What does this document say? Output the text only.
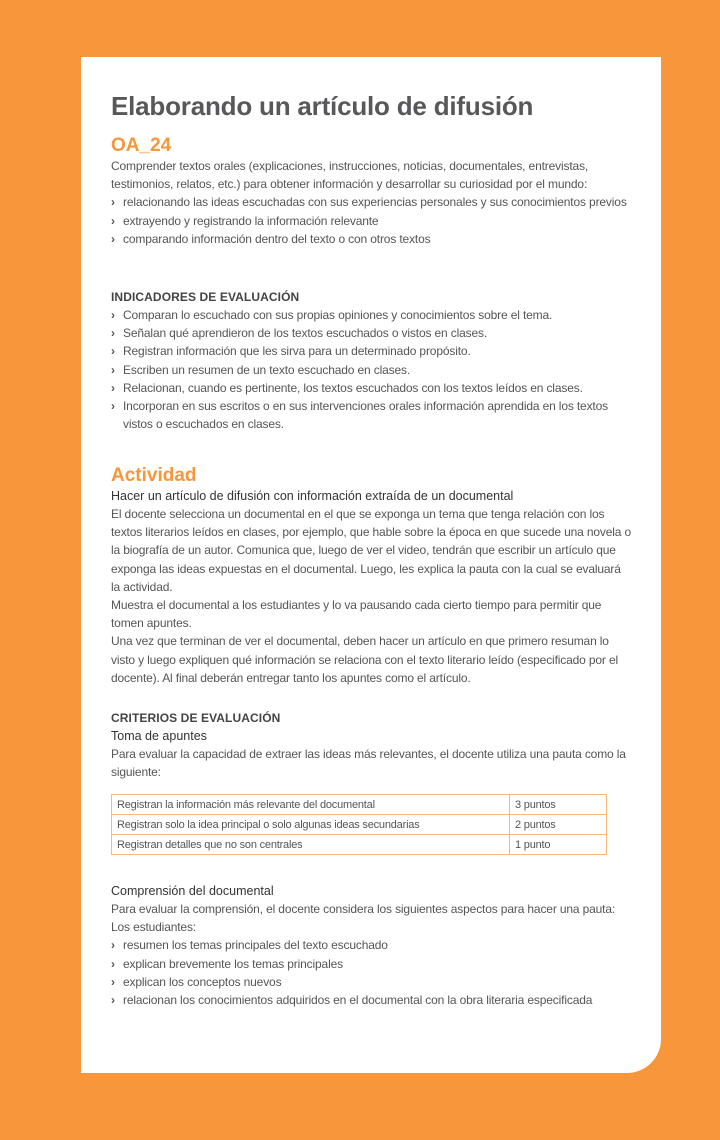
Elaborando un artículo de difusión
OA_24

Comprender textos orales (explicaciones, instrucciones, noticias, documentales, entrevistas, testimonios, relatos, etc.) para obtener información y desarrollar su curiosidad por el mundo:

› relacionando las ideas escuchadas con sus experiencias personales y sus conocimientos previos
› extrayendo y registrando la información relevante
› comparando información dentro del texto o con otros textos
INDICADORES DE EVALUACIÓN
› Comparan lo escuchado con sus propias opiniones y conocimientos sobre el tema.
› Señalan qué aprendieron de los textos escuchados o vistos en clases.
› Registran información que les sirva para un determinado propósito.
› Escriben un resumen de un texto escuchado en clases.
› Relacionan, cuando es pertinente, los textos escuchados con los textos leídos en clases.
› Incorporan en sus escritos o en sus intervenciones orales información aprendida en los textos vistos o escuchados en clases.
Actividad
Hacer un artículo de difusión con información extraída de un documental

El docente selecciona un documental en el que se exponga un tema que tenga relación con los textos literarios leídos en clases, por ejemplo, que hable sobre la época en que sucede una novela o la biografía de un autor. Comunica que, luego de ver el video, tendrán que escribir un artículo que exponga las ideas expuestas en el documental. Luego, les explica la pauta con la cual se evaluará la actividad.

Muestra el documental a los estudiantes y lo va pausando cada cierto tiempo para permitir que tomen apuntes.

Una vez que terminan de ver el documental, deben hacer un artículo en que primero resuman lo visto y luego expliquen qué información se relaciona con el texto literario leído (especificado por el docente). Al final deberán entregar tanto los apuntes como el artículo.

CRITERIOS DE EVALUACIÓN
Toma de apuntes

Para evaluar la capacidad de extraer las ideas más relevantes, el docente utiliza una pauta como la siguiente:

Registran la información más relevante del documental	3 puntos
Registran solo la idea principal o solo algunas ideas secundarias	2 puntos
Registran detalles que no son centrales	1 punto
Comprensión del documental

Para evaluar la comprensión, el docente considera los siguientes aspectos para hacer una pauta:

Los estudiantes:

› resumen los temas principales del texto escuchado
› explican brevemente los temas principales
› explican los conceptos nuevos
› relacionan los conocimientos adquiridos en el documental con la obra literaria especificada
